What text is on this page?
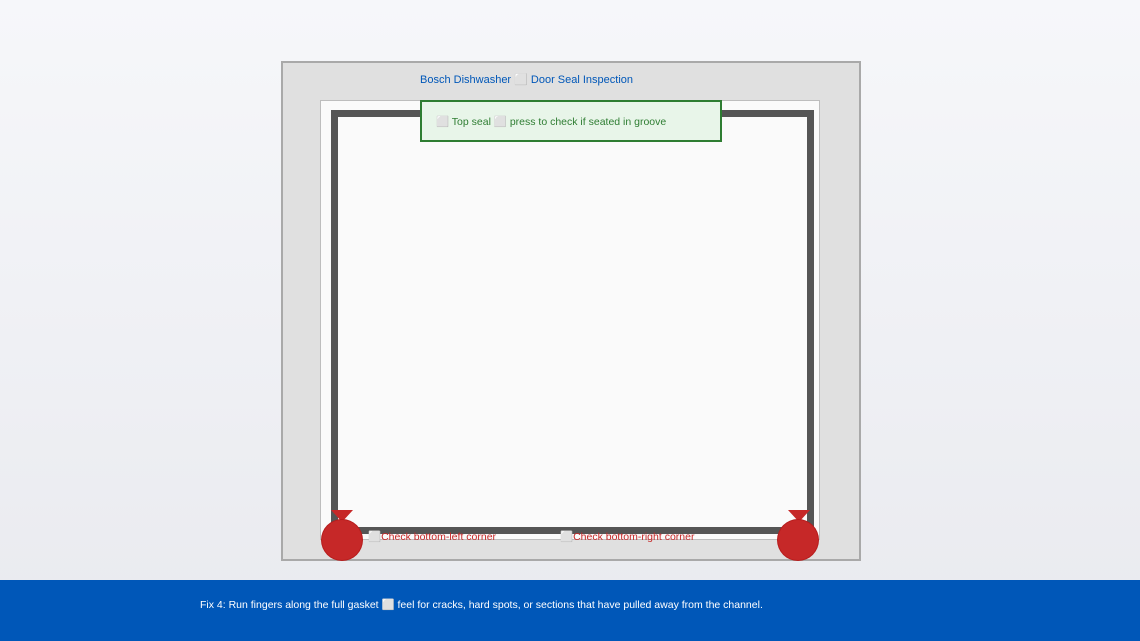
Bosch Dishwasher ⬜ Door Seal Inspection
⬜ Top seal ⬜ press to check if seated in groove
⬜Check bottom-left corner	⬜Check bottom-right corner
Fix 4: Run fingers along the full gasket ⬜ feel for cracks, hard spots, or sections that have pulled away from the channel.
